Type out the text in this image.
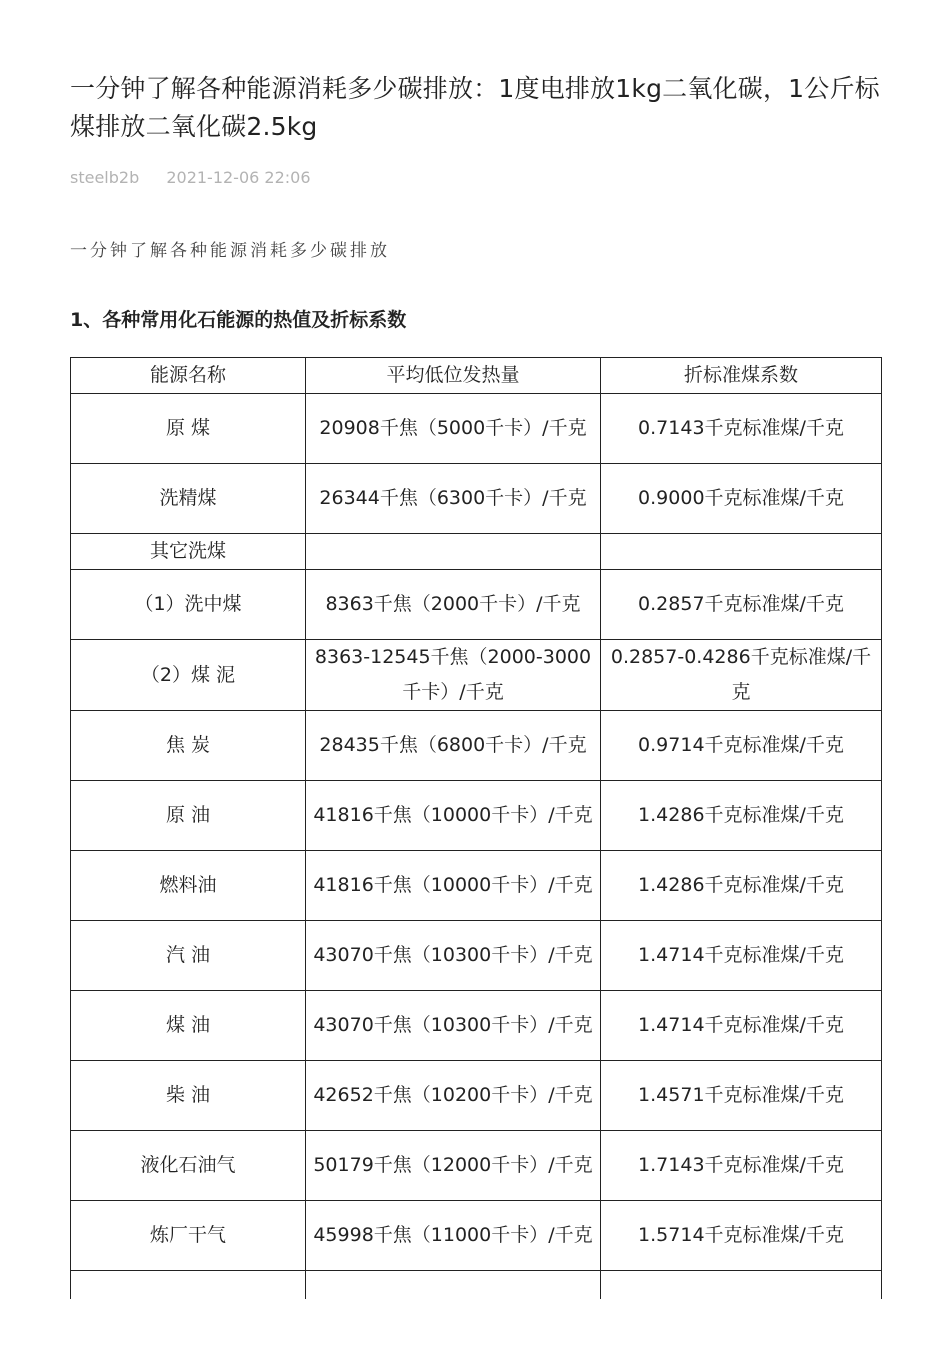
一分钟了解各种能源消耗多少碳排放：1度电排放1kg二氧化碳，1公斤标煤排放二氧化碳2.5kg
steelb2b 2021-12-06 22:06
一分钟了解各种能源消耗多少碳排放
1、各种常用化石能源的热值及折标系数
能源名称	平均低位发热量	折标准煤系数
原 煤	20908千焦（5000千卡）/千克	0.7143千克标准煤/千克
洗精煤	26344千焦（6300千卡）/千克	0.9000千克标准煤/千克
其它洗煤		
（1）洗中煤	8363千焦（2000千卡）/千克	0.2857千克标准煤/千克
（2）煤 泥	8363-12545千焦（2000-3000千卡）/千克	0.2857-0.4286千克标准煤/千克
焦 炭	28435千焦（6800千卡）/千克	0.9714千克标准煤/千克
原 油	41816千焦（10000千卡）/千克	1.4286千克标准煤/千克
燃料油	41816千焦（10000千卡）/千克	1.4286千克标准煤/千克
汽 油	43070千焦（10300千卡）/千克	1.4714千克标准煤/千克
煤 油	43070千焦（10300千卡）/千克	1.4714千克标准煤/千克
柴 油	42652千焦（10200千卡）/千克	1.4571千克标准煤/千克
液化石油气	50179千焦（12000千卡）/千克	1.7143千克标准煤/千克
炼厂干气	45998千焦（11000千卡）/千克	1.5714千克标准煤/千克
